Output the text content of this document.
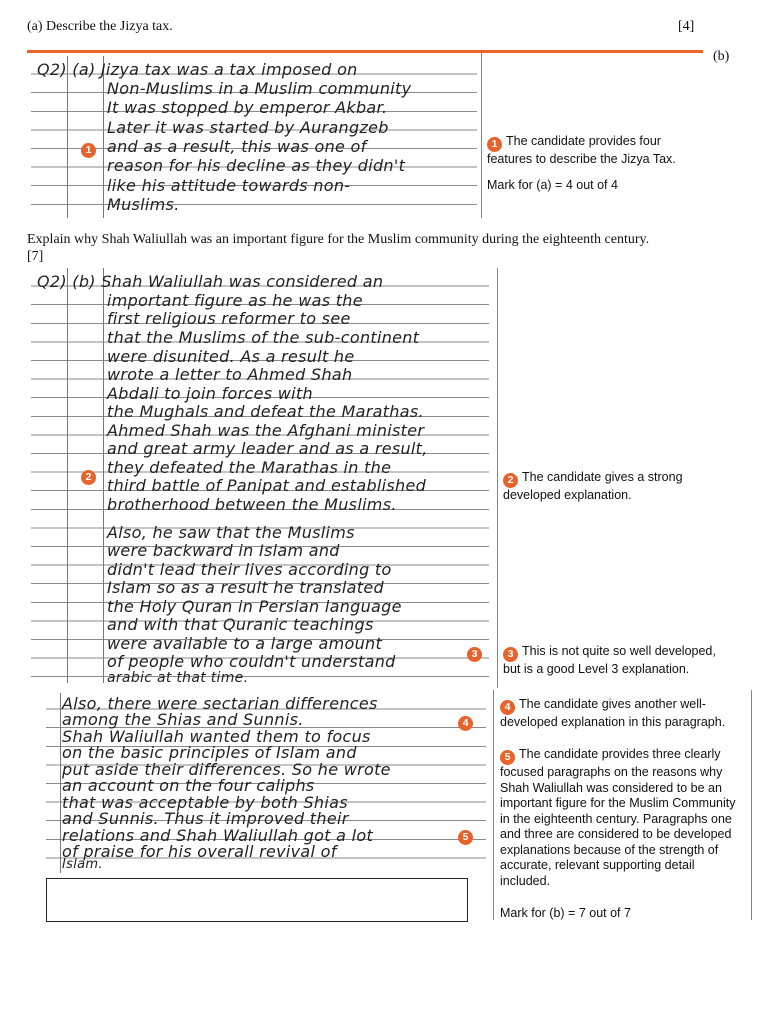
(a) Describe the Jizya tax.	[4]
(b)
Q2) (a) Jizya tax was a tax imposed on
Non-Muslims in a Muslim community
It was stopped by emperor Akbar.
Later it was started by Aurangzeb
and as a result, this was one of
reason for his decline as they didn't
like his attitude towards non-
Muslims.
1	1 The candidate provides four features to describe the Jizya Tax.
Mark for (a) = 4 out of 4
Explain why Shah Waliullah was an important figure for the Muslim community during the eighteenth century.
[7]
Q2) (b) Shah Waliullah was considered an
important figure as he was the
first religious reformer to see
that the Muslims of the sub-continent
were disunited. As a result he
wrote a letter to Ahmed Shah
Abdali to join forces with
the Mughals and defeat the Marathas.
Ahmed Shah was the Afghani minister
and great army leader and as a result,
they defeated the Marathas in the
third battle of Panipat and established
brotherhood between the Muslims.
Also, he saw that the Muslims
were backward in Islam and
didn't lead their lives according to
Islam so as a result he translated
the Holy Quran in Persian language
and with that Quranic teachings
were available to a large amount
of people who couldn't understand
arabic at that time.
2
3
2 The candidate gives a strong developed explanation.
3 This is not quite so well developed, but is a good Level 3 explanation.
Also, there were sectarian differences
among the Shias and Sunnis.
Shah Waliullah wanted them to focus
on the basic principles of Islam and
put aside their differences. So he wrote
an account on the four caliphs
that was acceptable by both Shias
and Sunnis. Thus it improved their
relations and Shah Waliullah got a lot
of praise for his overall revival of
Islam.
4
5
4 The candidate gives another well-developed explanation in this paragraph.
5 The candidate provides three clearly focused paragraphs on the reasons why Shah Waliullah was considered to be an important figure for the Muslim Community in the eighteenth century. Paragraphs one and three are considered to be developed explanations because of the strength of accurate, relevant supporting detail included.
Mark for (b) = 7 out of 7
